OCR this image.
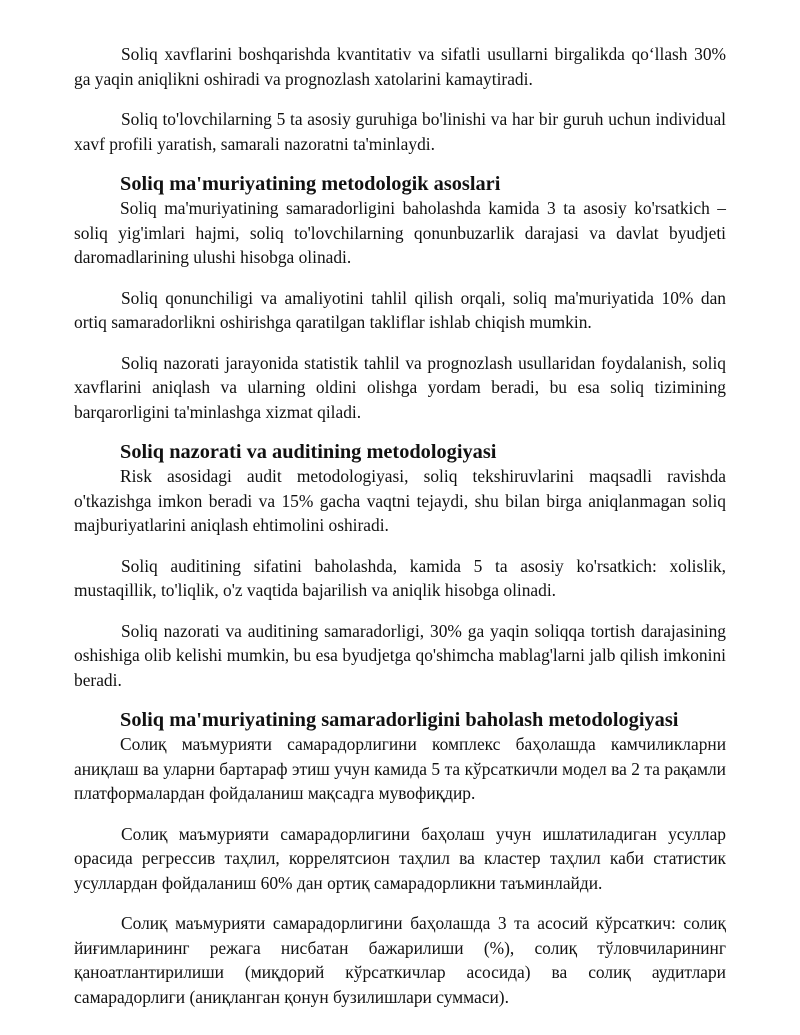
Soliq xavflarini boshqarishda kvantitativ va sifatli usullarni birgalikda qo‘llash 30% ga yaqin aniqlikni oshiradi va prognozlash xatolarini kamaytiradi.

Soliq to'lovchilarning 5 ta asosiy guruhiga bo'linishi va har bir guruh uchun individual xavf profili yaratish, samarali nazoratni ta'minlaydi.

Soliq ma'muriyatining metodologik asoslari

Soliq ma'muriyatining samaradorligini baholashda kamida 3 ta asosiy ko'rsatkich – soliq yig'imlari hajmi, soliq to'lovchilarning qonunbuzarlik darajasi va davlat byudjeti daromadlarining ulushi hisobga olinadi.

Soliq qonunchiligi va amaliyotini tahlil qilish orqali, soliq ma'muriyatida 10% dan ortiq samaradorlikni oshirishga qaratilgan takliflar ishlab chiqish mumkin.

Soliq nazorati jarayonida statistik tahlil va prognozlash usullaridan foydalanish, soliq xavflarini aniqlash va ularning oldini olishga yordam beradi, bu esa soliq tizimining barqarorligini ta'minlashga xizmat qiladi.

Soliq nazorati va auditining metodologiyasi

Risk asosidagi audit metodologiyasi, soliq tekshiruvlarini maqsadli ravishda o'tkazishga imkon beradi va 15% gacha vaqtni tejaydi, shu bilan birga aniqlanmagan soliq majburiyatlarini aniqlash ehtimolini oshiradi.

Soliq auditining sifatini baholashda, kamida 5 ta asosiy ko'rsatkich: xolislik, mustaqillik, to'liqlik, o'z vaqtida bajarilish va aniqlik hisobga olinadi.

Soliq nazorati va auditining samaradorligi, 30% ga yaqin soliqqa tortish darajasining oshishiga olib kelishi mumkin, bu esa byudjetga qo'shimcha mablag'larni jalb qilish imkonini beradi.

Soliq ma'muriyatining samaradorligini baholash metodologiyasi

Солиқ маъмурияти самарадорлигини комплекс баҳолашда камчиликларни аниқлаш ва уларни бартараф этиш учун камида 5 та кўрсаткичли модел ва 2 та рақамли платформалардан фойдаланиш мақсадга мувофиқдир.

Солиқ маъмурияти самарадорлигини баҳолаш учун ишлатиладиган усуллар орасида регрессив таҳлил, коррелятсион таҳлил ва кластер таҳлил каби статистик усуллардан фойдаланиш 60% дан ортиқ самарадорликни таъминлайди.

Солиқ маъмурияти самарадорлигини баҳолашда 3 та асосий кўрсаткич: солиқ йиғимларининг режага нисбатан бажарилиши (%), солиқ тўловчиларининг қаноатлантирилиши (миқдорий кўрсаткичлар асосида) ва солиқ аудитлари самарадорлиги (аниқланган қонун бузилишлари суммаси).
